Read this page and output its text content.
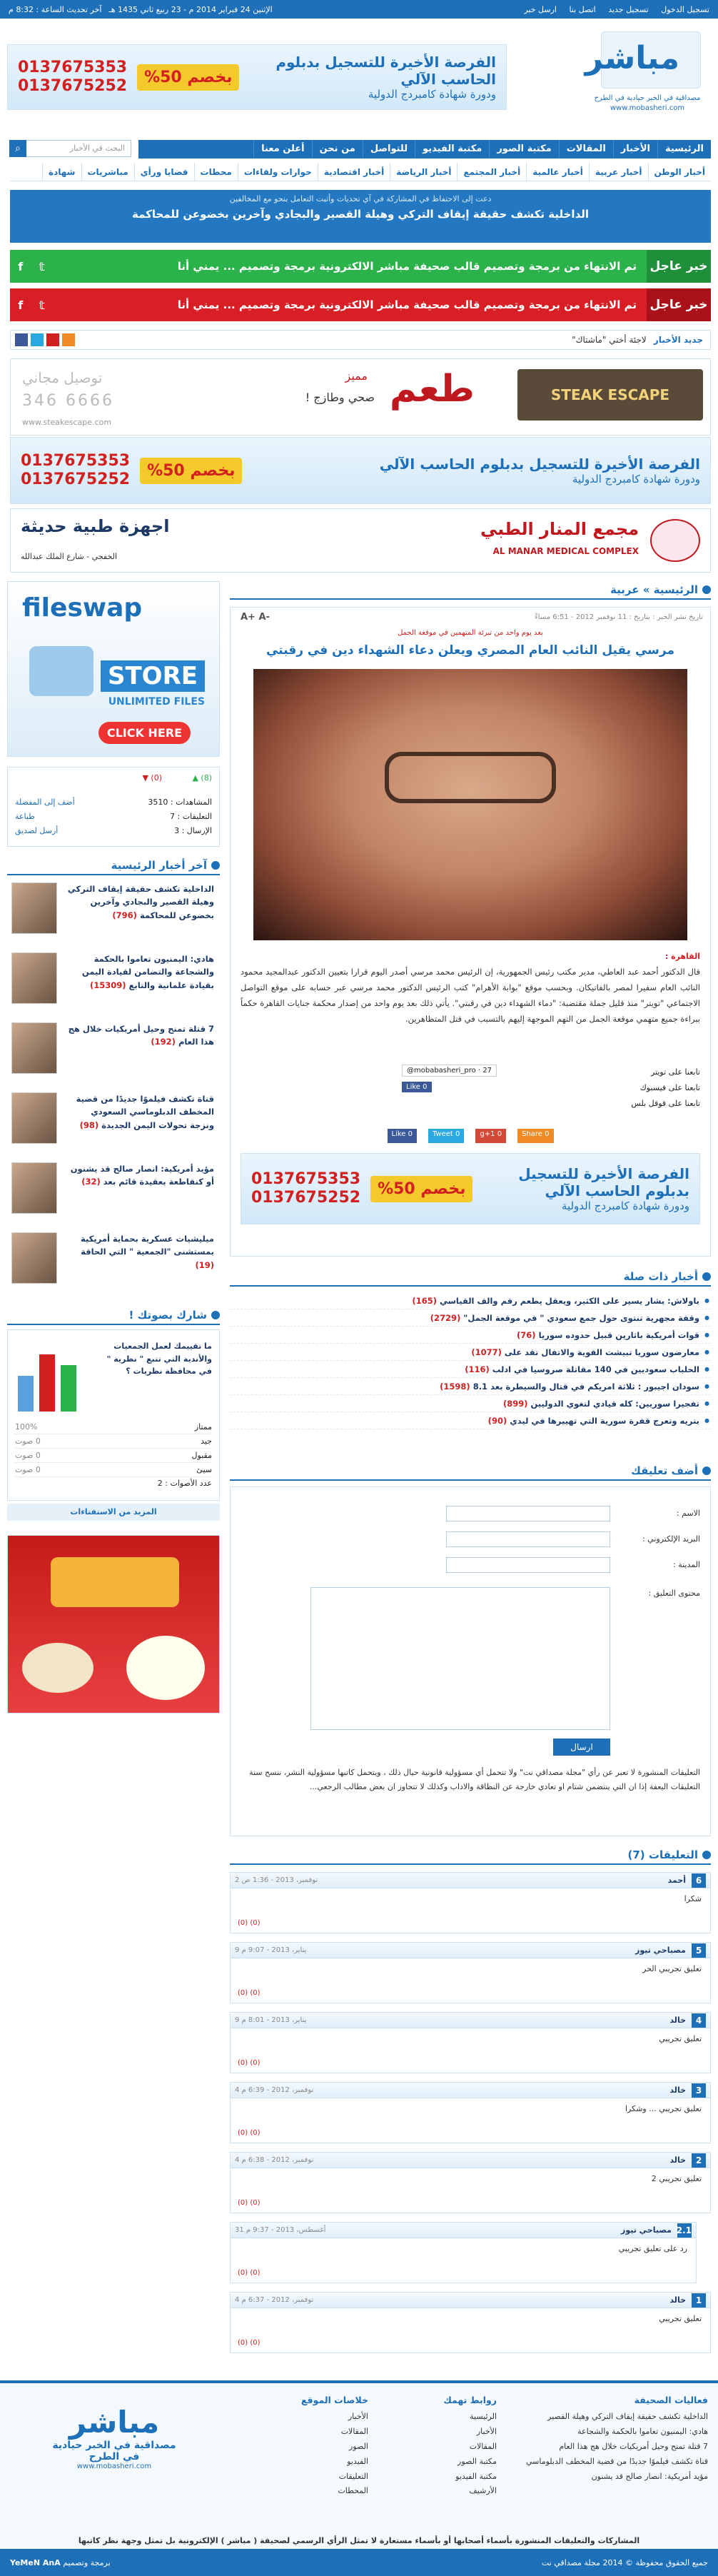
تسجيل الدخول تسجيل جديد اتصل بنا ارسل خبر
الإثنين 24 فبراير 2014 م - 23 ربيع ثاني 1435 هـ
آخر تحديث الساعة : 8:32 م
مباشر
مصداقية في الخبر حيادية في الطرح
www.mobasheri.com
الفرصة الأخيرة للتسجيل بدبلوم الحاسب الآلي
ودورة شهادة كامبردج الدولية
بخصم 50%
0137675353
0137675252
البحث في الأخبار
⌕	الرئيسية
الأخبار
المقالات
مكتبة الصور
مكتبة الفيديو
للتواصل
من نحن
أعلن معنا
أخبار الوطن
أخبار عربية
أخبار عالمية
أخبار المجتمع
أخبار الرياضة
أخبار اقتصادية
حوارات ولقاءات
محطات
قضايا ورأي
مباشريات
شهادة
دعت إلى الاحتفاظ في المشاركة في آي تحديات وأثبت التعامل بنحو مع المخالفين
الداخلية تكشف حقيقة إيقاف التركي وهيلة القصير والبجادي وآخرين بخضوعن للمحاكمة
خبر عاجل
تم الانتهاء من برمجة وتصميم قالب صحيفة مباشر الالكترونية برمجة وتصميم ... يمني أنا
𝕥
f
خبر عاجل
تم الانتهاء من برمجة وتصميم قالب صحيفة مباشر الالكترونية برمجة وتصميم ... يمني أنا
𝕥
f
جديد الأخبار
لاجئة أختي "ماشتاك"
STEAK ESCAPE
طعم
مميز
صحي وطازج !
توصيل مجاني
346 6666
www.steakescape.com
الفرصة الأخيرة للتسجيل بدبلوم الحاسب الآلي
ودورة شهادة كامبردج الدولية
بخصم 50%
0137675353
0137675252
مجمع المنار الطبي
AL MANAR MEDICAL COMPLEX
اجهزة طبية حديثة
الخفجي - شارع الملك عبدالله
fileswap
STORE
UNLIMITED FILES
CLICK HERE
(8) ▲
(0) ▼
المشاهدات : 3510
التعليقات : 7
الإرسال : 3
أضف إلى المفضلة
طباعة
أرسل لصديق
آخر أخبار الرئيسية
الداخلية تكشف حقيقة إيقاف التركي وهيلة القصير والبجادي وآخرين بخضوعن للمحاكمة (796)
هادي: اليمنيون تعاموا بالحكمة والشجاعة والتضامن لقيادة اليمن بقيادة علمانية والتابع (15309)
7 قتلة تمنح وحيل أمريكيات خلال هج هذا العام (192)
قناة تكشف فيلموًا جديدًا من قضية المخطف الدبلوماسي السعودي ونزجة تحولات اليمن الجديدة (98)
مؤيد أمريكية: انصار صالح قد يشنون أو كنقاطعة بعقيدة قائم بعد (32)
ميليشيات عسكرية بحماية أمريكية بمستشنى "الجمعية " التي الحاقة (19)
شارك بصوتك !
ما تقييمك لعمل الجمعيات والأندية التي تتبع " نظرية " في محافظة نظريات ؟
ممتاز
100%
جيد
0 صوت
مقبول
0 صوت
سيئ
0 صوت
عدد الأصوات : 2
المزيد من الاستفتاءات
الرئيسية » عربية
تاريخ نشر الخبر : بتاريخ : 11 نوفمبر 2012 - 6:51 مساءً
A+ A-
بعد يوم واحد من تبرئة المتهمين في موقعة الجمل
مرسي يقيل النائب العام المصري ويعلن دعاء الشهداء دين في رقبتي
القاهرة :
قال الدكتور أحمد عبد العاطي، مدير مكتب رئيس الجمهورية، إن الرئيس محمد مرسي أصدر اليوم قرارا بتعيين الدكتور عبدالمجيد محمود النائب العام سفيرا لمصر بالفاتيكان. وبحسب موقع "بوابة الأهرام" كتب الرئيس الدكتور محمد مرسي عبر حسابه على موقع التواصل الاجتماعي "تويتر" منذ قليل جملة مقتضبة: "دماء الشهداء دين في رقبتي". يأتي ذلك بعد يوم واحد من إصدار محكمة جنايات القاهرة حكماً ببراءة جميع متهمي موقعة الجمل من التهم الموجهة إليهم بالتسبب في قتل المتظاهرين.
تابعنا على تويتر
تابعنا على فيسبوك
تابعنا على قوقل بلس
@mobabasheri_pro · 27
Like 0
Like 0	Tweet 0	g+1 0	Share 0
الفرصة الأخيرة للتسجيل بدبلوم الحاسب الآلي
ودورة شهادة كامبردج الدولية
بخصم 50%
0137675353
0137675252
أخبار ذات صلة
● باولاش: بشار يسير على الكثير، ويعقل يطعم رقم والف القياسي (165)
● وقفة مجهرية تنتوى حول جمع سعودي " في موقعة الجمل" (2729)
● قوات أمريكية باثارين قبيل حدوده سوريا (76)
● معارضون سوريا تبيشت القوية والاتفال تقد على (1077)
● الحلباب سعوديين في 140 مقاتلة صروسيا في ادلب (116)
● سودان اجيبور : ثلاثة امريكم في قتال والسيطرة بعد 8.1 (1598)
● تفجيرا سوريين: كله قيادي لتغوي الدوليين (899)
● بتريه وتعرج قفرة سورية التي تهييرها في ليدي (90)
أضف تعليقك
الاسم :
البريد الإلكتروني :
المدينة :
محتوى التعليق :
ارسال
التعليقات المنشورة لا تعبر عن رأي "مجلة مصداقي نت" ولا تتحمل أي مسؤولية قانونية حيال ذلك ، ويتحمل كاتبها مسؤولية النشر، ننسح سنة التعليقات اليعفة إذا ان التي ينتضمن شتام او تعادي خارجة عن النظاقة والاداب وكذلك لا تتجاوز ان بعض مطالب الرجعي...
التعليقات (7)
6
أحمد
2 نوفمبر، 2013 - 1:36 ص
شكرا
(0) (0)
5
مصباحي تيوز
9 يناير، 2013 - 9:07 م
تعليق تجريبي الحر
(0) (0)
4
خالد
9 يناير، 2013 - 8:01 م
تعليق تجريبي
(0) (0)
3
خالد
4 نوفمبر، 2012 - 6:39 م
تعليق تجريبي ... وشكرا
(0) (0)
2
خالد
4 نوفمبر، 2012 - 6:38 م
تعليق تجريبي 2
(0) (0)
2.1
مصباحي تيوز
31 أغسطس، 2013 - 9:37 م
رد على تعليق تجريبي
(0) (0)
1
خالد
4 نوفمبر، 2012 - 6:37 م
تعليق تجريبي
(0) (0)
فعاليات الصحيفة
الداخلية تكشف حقيقة إيقاف التركي وهيلة القصير
هادي: اليمنيون تعاموا بالحكمة والشجاعة
7 قتلة تمنح وحيل أمريكيات خلال هج هذا العام
قناة تكشف فيلموًا جديدًا من قضية المخطف الدبلوماسي
مؤيد أمريكية: انصار صالح قد يشنون
روابط تهمك
الرئيسية
الأخبار
المقالات
مكتبة الصور
مكتبة الفيديو
الأرشيف
خلاصات الموقع
الأخبار
المقالات
الصور
الفيديو
التعليقات
المحطات
مباشر
مصداقية في الخبر حيادية في الطرح
www.mobasheri.com
المشاركات والتعليقات المنشورة بأسماء أصحابها أو بأسماء مستعارة لا تمثل الرأي الرسمي لصحيفة ( مباشر ) الإلكترونية بل تمثل وجهة نظر كاتبها
جميع الحقوق محفوظة © 2014 مجلة مصداقي نت
برمجة وتصميم YeMeN AnA
